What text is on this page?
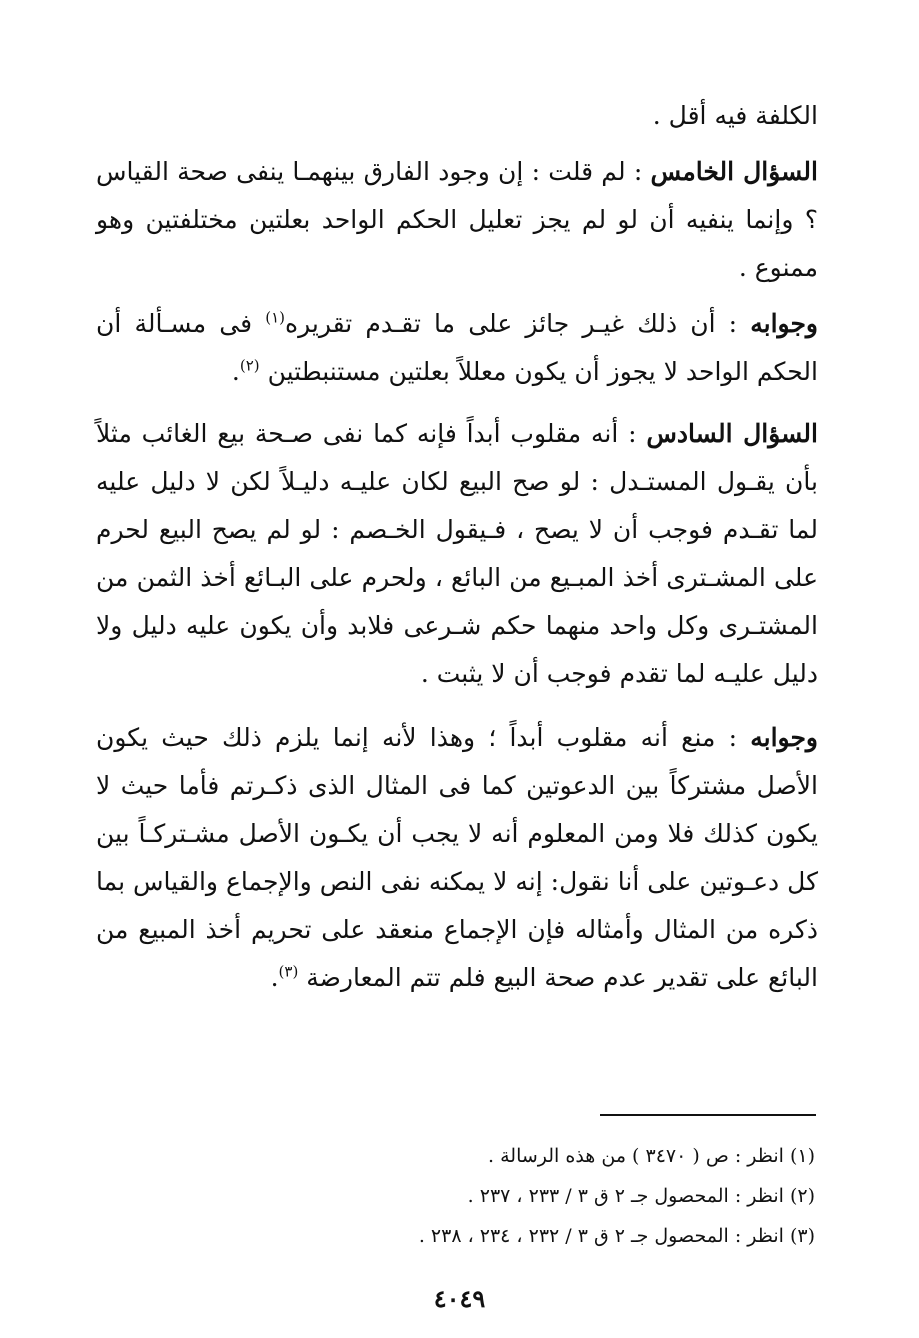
الكلفة فيه أقل .

السؤال الخامس : لم قلت : إن وجود الفارق بينهمـا ينفى صحة القياس ؟ وإنما ينفيه أن لو لم يجز تعليل الحكم الواحد بعلتين مختلفتين وهو ممنوع .

وجوابه : أن ذلك غيـر جائز على ما تقـدم تقريره$^{(١)}$ فى مسـألة أن الحكم الواحد لا يجوز أن يكون معللاً بعلتين مستنبطتين $^{(٢)}$.

السؤال السادس : أنه مقلوب أبداً فإنه كما نفى صـحة بيع الغائب مثلاً بأن يقـول المستـدل : لو صح البيع لكان عليـه دليـلاً لكن لا دليل عليه لما تقـدم فوجب أن لا يصح ، فـيقول الخـصم : لو لم يصح البيع لحرم على المشـترى أخذ المبـيع من البائع ، ولحرم على البـائع أخذ الثمن من المشتـرى وكل واحد منهما حكم شـرعى فلابد وأن يكون عليه دليل ولا دليل عليـه لما تقدم فوجب أن لا يثبت .

وجوابه : منع أنه مقلوب أبداً ؛ وهذا لأنه إنما يلزم ذلك حيث يكون الأصل مشتركاً بين الدعوتين كما فى المثال الذى ذكـرتم فأما حيث لا يكون كذلك فلا ومن المعلوم أنه لا يجب أن يكـون الأصل مشـتركـاً بين كل دعـوتين على أنا نقول: إنه لا يمكنه نفى النص والإجماع والقياس بما ذكره من المثال وأمثاله فإن الإجماع منعقد على تحريم أخذ المبيع من البائع على تقدير عدم صحة البيع فلم تتم المعارضة $^{(٣)}$.

(١) انظر : ص ( ٣٤٧٠ ) من هذه الرسالة .

(٢) انظر : المحصول جـ ٢ ق ٣ / ٢٣٣ ، ٢٣٧ .

(٣) انظر : المحصول جـ ٢ ق ٣ / ٢٣٢ ، ٢٣٤ ، ٢٣٨ .

٤٠٤٩
